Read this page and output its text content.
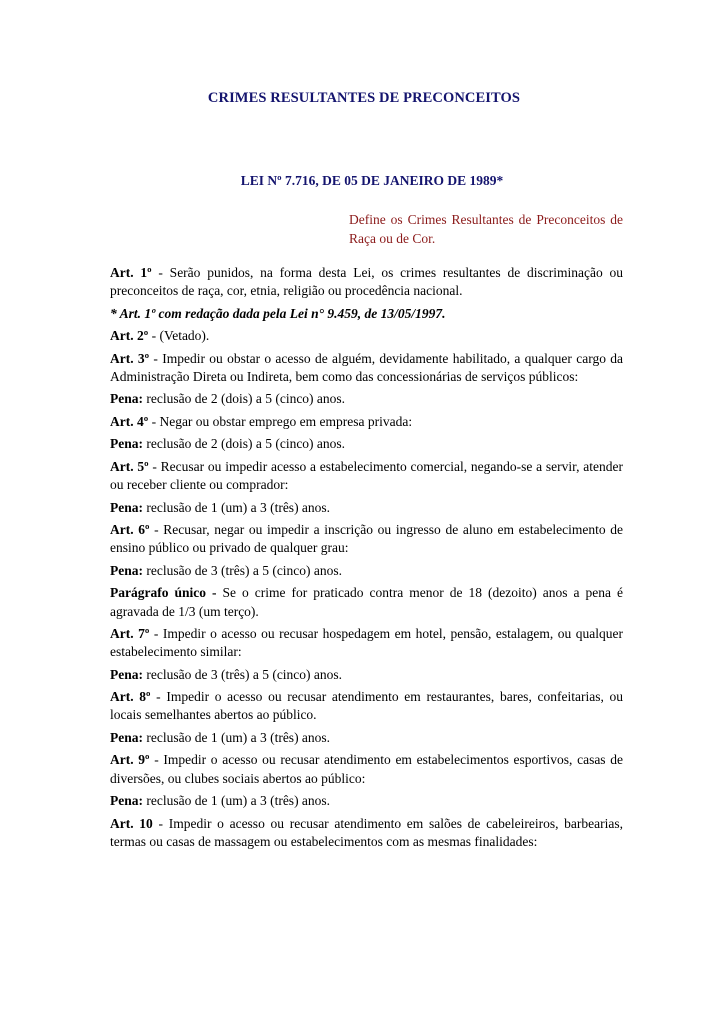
CRIMES RESULTANTES DE PRECONCEITOS
LEI Nº 7.716, DE 05 DE JANEIRO DE 1989*

Define os Crimes Resultantes de Preconceitos de Raça ou de Cor.

Art. 1º - Serão punidos, na forma desta Lei, os crimes resultantes de discriminação ou preconceitos de raça, cor, etnia, religião ou procedência nacional.

* Art. 1º com redação dada pela Lei n° 9.459, de 13/05/1997.

Art. 2º - (Vetado).

Art. 3º - Impedir ou obstar o acesso de alguém, devidamente habilitado, a qualquer cargo da Administração Direta ou Indireta, bem como das concessionárias de serviços públicos:

Pena: reclusão de 2 (dois) a 5 (cinco) anos.

Art. 4º - Negar ou obstar emprego em empresa privada:

Pena: reclusão de 2 (dois) a 5 (cinco) anos.

Art. 5º - Recusar ou impedir acesso a estabelecimento comercial, negando-se a servir, atender ou receber cliente ou comprador:

Pena: reclusão de 1 (um) a 3 (três) anos.

Art. 6º - Recusar, negar ou impedir a inscrição ou ingresso de aluno em estabelecimento de ensino público ou privado de qualquer grau:

Pena: reclusão de 3 (três) a 5 (cinco) anos.

Parágrafo único - Se o crime for praticado contra menor de 18 (dezoito) anos a pena é agravada de 1/3 (um terço).

Art. 7º - Impedir o acesso ou recusar hospedagem em hotel, pensão, estalagem, ou qualquer estabelecimento similar:

Pena: reclusão de 3 (três) a 5 (cinco) anos.

Art. 8º - Impedir o acesso ou recusar atendimento em restaurantes, bares, confeitarias, ou locais semelhantes abertos ao público.

Pena: reclusão de 1 (um) a 3 (três) anos.

Art. 9º - Impedir o acesso ou recusar atendimento em estabelecimentos esportivos, casas de diversões, ou clubes sociais abertos ao público:

Pena: reclusão de 1 (um) a 3 (três) anos.

Art. 10 - Impedir o acesso ou recusar atendimento em salões de cabeleireiros, barbearias, termas ou casas de massagem ou estabelecimentos com as mesmas finalidades:
